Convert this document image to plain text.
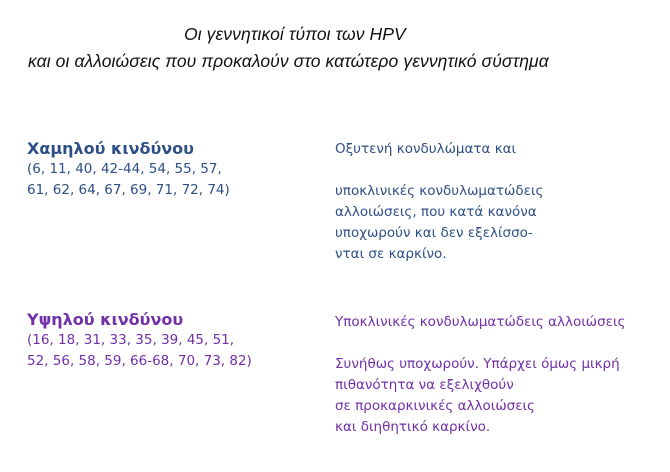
Οι γεννητικοί τύποι των HPV
και οι αλλοιώσεις που προκαλούν στο κατώτερο γεννητικό σύστημα
Χαμηλού κινδύνου
(6, 11, 40, 42-44, 54, 55, 57,
61, 62, 64, 67, 69, 71, 72, 74)
Οξυτενή κονδυλώματα και
υποκλινικές κονδυλωματώδεις
αλλοιώσεις, που κατά κανόνα
υποχωρούν και δεν εξελίσσο-
νται σε καρκίνο.
Υψηλού κινδύνου
(16, 18, 31, 33, 35, 39, 45, 51,
52, 56, 58, 59, 66-68, 70, 73, 82)
Υποκλινικές κονδυλωματώδεις αλλοιώσεις
Συνήθως υποχωρούν. Υπάρχει όμως μικρή
πιθανότητα να εξελιχθούν
σε προκαρκινικές αλλοιώσεις
και διηθητικό καρκίνο.
